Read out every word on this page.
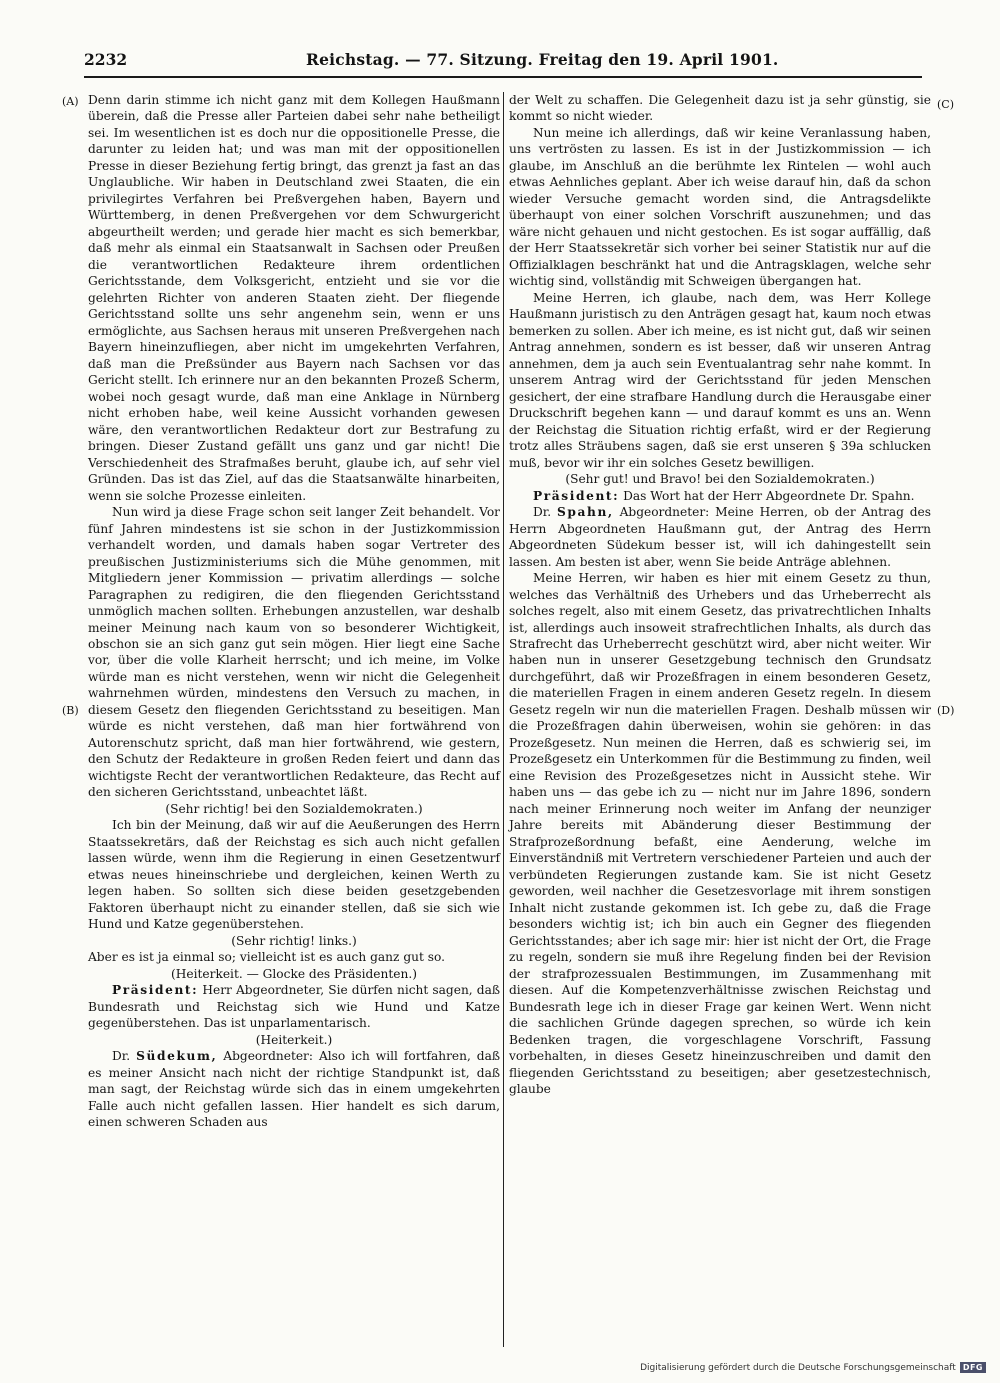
2232	Reichstag. — 77. Sitzung. Freitag den 19. April 1901.
(A)
(B)
(C)
(D)

Denn darin stimme ich nicht ganz mit dem Kollegen Haußmann überein, daß die Presse aller Parteien dabei sehr nahe betheiligt sei. Im wesentlichen ist es doch nur die oppositionelle Presse, die darunter zu leiden hat; und was man mit der oppositionellen Presse in dieser Beziehung fertig bringt, das grenzt ja fast an das Unglaubliche. Wir haben in Deutschland zwei Staaten, die ein privilegirtes Verfahren bei Preßvergehen haben, Bayern und Württemberg, in denen Preßvergehen vor dem Schwurgericht abgeurtheilt werden; und gerade hier macht es sich bemerkbar, daß mehr als einmal ein Staatsanwalt in Sachsen oder Preußen die verantwortlichen Redakteure ihrem ordentlichen Gerichtsstande, dem Volksgericht, entzieht und sie vor die gelehrten Richter von anderen Staaten zieht. Der fliegende Gerichtsstand sollte uns sehr angenehm sein, wenn er uns ermöglichte, aus Sachsen heraus mit unseren Preßvergehen nach Bayern hineinzufliegen, aber nicht im umgekehrten Verfahren, daß man die Preßsünder aus Bayern nach Sachsen vor das Gericht stellt. Ich erinnere nur an den bekannten Prozeß Scherm, wobei noch gesagt wurde, daß man eine Anklage in Nürnberg nicht erhoben habe, weil keine Aussicht vorhanden gewesen wäre, den verantwortlichen Redakteur dort zur Bestrafung zu bringen. Dieser Zustand gefällt uns ganz und gar nicht! Die Verschiedenheit des Strafmaßes beruht, glaube ich, auf sehr viel Gründen. Das ist das Ziel, auf das die Staatsanwälte hinarbeiten, wenn sie solche Prozesse einleiten.

Nun wird ja diese Frage schon seit langer Zeit behandelt. Vor fünf Jahren mindestens ist sie schon in der Justizkommission verhandelt worden, und damals haben sogar Vertreter des preußischen Justizministeriums sich die Mühe genommen, mit Mitgliedern jener Kommission — privatim allerdings — solche Paragraphen zu redigiren, die den fliegenden Gerichtsstand unmöglich machen sollten. Erhebungen anzustellen, war deshalb meiner Meinung nach kaum von so besonderer Wichtigkeit, obschon sie an sich ganz gut sein mögen. Hier liegt eine Sache vor, über die volle Klarheit herrscht; und ich meine, im Volke würde man es nicht verstehen, wenn wir nicht die Gelegenheit wahrnehmen würden, mindestens den Versuch zu machen, in diesem Gesetz den fliegenden Gerichtsstand zu beseitigen. Man würde es nicht verstehen, daß man hier fortwährend von Autorenschutz spricht, daß man hier fortwährend, wie gestern, den Schutz der Redakteure in großen Reden feiert und dann das wichtigste Recht der verantwortlichen Redakteure, das Recht auf den sicheren Gerichtsstand, unbeachtet läßt.

(Sehr richtig! bei den Sozialdemokraten.)

Ich bin der Meinung, daß wir auf die Aeußerungen des Herrn Staatssekretärs, daß der Reichstag es sich auch nicht gefallen lassen würde, wenn ihm die Regierung in einen Gesetzentwurf etwas neues hineinschriebe und dergleichen, keinen Werth zu legen haben. So sollten sich diese beiden gesetzgebenden Faktoren überhaupt nicht zu einander stellen, daß sie sich wie Hund und Katze gegenüberstehen.

(Sehr richtig! links.)

Aber es ist ja einmal so; vielleicht ist es auch ganz gut so.

(Heiterkeit. — Glocke des Präsidenten.)

Präsident: Herr Abgeordneter, Sie dürfen nicht sagen, daß Bundesrath und Reichstag sich wie Hund und Katze gegenüberstehen. Das ist unparlamentarisch.

(Heiterkeit.)

Dr. Südekum, Abgeordneter: Also ich will fortfahren, daß es meiner Ansicht nach nicht der richtige Standpunkt ist, daß man sagt, der Reichstag würde sich das in einem umgekehrten Falle auch nicht gefallen lassen. Hier handelt es sich darum, einen schweren Schaden aus

der Welt zu schaffen. Die Gelegenheit dazu ist ja sehr günstig, sie kommt so nicht wieder.

Nun meine ich allerdings, daß wir keine Veranlassung haben, uns vertrösten zu lassen. Es ist in der Justizkommission — ich glaube, im Anschluß an die berühmte lex Rintelen — wohl auch etwas Aehnliches geplant. Aber ich weise darauf hin, daß da schon wieder Versuche gemacht worden sind, die Antragsdelikte überhaupt von einer solchen Vorschrift auszunehmen; und das wäre nicht gehauen und nicht gestochen. Es ist sogar auffällig, daß der Herr Staatssekretär sich vorher bei seiner Statistik nur auf die Offizialklagen beschränkt hat und die Antragsklagen, welche sehr wichtig sind, vollständig mit Schweigen übergangen hat.

Meine Herren, ich glaube, nach dem, was Herr Kollege Haußmann juristisch zu den Anträgen gesagt hat, kaum noch etwas bemerken zu sollen. Aber ich meine, es ist nicht gut, daß wir seinen Antrag annehmen, sondern es ist besser, daß wir unseren Antrag annehmen, dem ja auch sein Eventualantrag sehr nahe kommt. In unserem Antrag wird der Gerichtsstand für jeden Menschen gesichert, der eine strafbare Handlung durch die Herausgabe einer Druckschrift begehen kann — und darauf kommt es uns an. Wenn der Reichstag die Situation richtig erfaßt, wird er der Regierung trotz alles Sträubens sagen, daß sie erst unseren § 39a schlucken muß, bevor wir ihr ein solches Gesetz bewilligen.

(Sehr gut! und Bravo! bei den Sozialdemokraten.)

Präsident: Das Wort hat der Herr Abgeordnete Dr. Spahn.

Dr. Spahn, Abgeordneter: Meine Herren, ob der Antrag des Herrn Abgeordneten Haußmann gut, der Antrag des Herrn Abgeordneten Südekum besser ist, will ich dahingestellt sein lassen. Am besten ist aber, wenn Sie beide Anträge ablehnen.

Meine Herren, wir haben es hier mit einem Gesetz zu thun, welches das Verhältniß des Urhebers und das Urheberrecht als solches regelt, also mit einem Gesetz, das privatrechtlichen Inhalts ist, allerdings auch insoweit strafrechtlichen Inhalts, als durch das Strafrecht das Urheberrecht geschützt wird, aber nicht weiter. Wir haben nun in unserer Gesetzgebung technisch den Grundsatz durchgeführt, daß wir Prozeßfragen in einem besonderen Gesetz, die materiellen Fragen in einem anderen Gesetz regeln. In diesem Gesetz regeln wir nun die materiellen Fragen. Deshalb müssen wir die Prozeßfragen dahin überweisen, wohin sie gehören: in das Prozeßgesetz. Nun meinen die Herren, daß es schwierig sei, im Prozeßgesetz ein Unterkommen für die Bestimmung zu finden, weil eine Revision des Prozeßgesetzes nicht in Aussicht stehe. Wir haben uns — das gebe ich zu — nicht nur im Jahre 1896, sondern nach meiner Erinnerung noch weiter im Anfang der neunziger Jahre bereits mit Abänderung dieser Bestimmung der Strafprozeßordnung befaßt, eine Aenderung, welche im Einverständniß mit Vertretern verschiedener Parteien und auch der verbündeten Regierungen zustande kam. Sie ist nicht Gesetz geworden, weil nachher die Gesetzesvorlage mit ihrem sonstigen Inhalt nicht zustande gekommen ist. Ich gebe zu, daß die Frage besonders wichtig ist; ich bin auch ein Gegner des fliegenden Gerichtsstandes; aber ich sage mir: hier ist nicht der Ort, die Frage zu regeln, sondern sie muß ihre Regelung finden bei der Revision der strafprozessualen Bestimmungen, im Zusammenhang mit diesen. Auf die Kompetenzverhältnisse zwischen Reichstag und Bundesrath lege ich in dieser Frage gar keinen Wert. Wenn nicht die sachlichen Gründe dagegen sprechen, so würde ich kein Bedenken tragen, die vorgeschlagene Vorschrift, Fassung vorbehalten, in dieses Gesetz hineinzuschreiben und damit den fliegenden Gerichtsstand zu beseitigen; aber gesetzestechnisch, glaube

Digitalisierung gefördert durch die Deutsche Forschungsgemeinschaft DFG
